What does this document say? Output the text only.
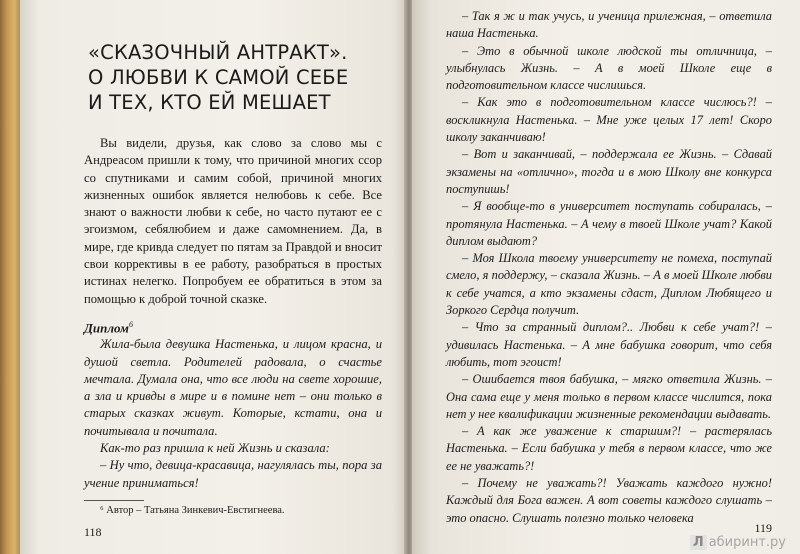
«СКАЗОЧНЫЙ АНТРАКТ».
О ЛЮБВИ К САМОЙ СЕБЕ
И ТЕХ, КТО ЕЙ МЕШАЕТ

Вы видели, друзья, как слово за слово мы с Андреасом пришли к тому, что причиной многих ссор со спутниками и самим собой, причиной многих жизненных ошибок является нелюбовь к себе. Все знают о важности любви к себе, но часто путают ее с эгоизмом, себялюбием и даже самомнением. Да, в мире, где кривда следует по пятам за Правдой и вносит свои коррективы в ее работу, разобраться в простых истинах нелегко. Попробуем ее обратиться в этом за помощью к доброй точной сказке.

Диплом$^6$

Жила-была девушка Настенька, и лицом красна, и душой светла. Родителей радовала, о счастье мечтала. Думала она, что все люди на свете хорошие, а зла и кривды в мире и в помине нет – они только в старых сказках живут. Которые, кстати, она и почитывала и почитала.

Как-то раз пришла к ней Жизнь и сказала:

– Ну что, девица-красавица, нагулялась ты, пора за учение приниматься!

⁶ Автор – Татьяна Зинкевич-Евстигнеева.

118

– Так я ж и так учусь, и ученица прилежная, – ответила наша Настенька.

– Это в обычной школе людской ты отличница, – улыбнулась Жизнь. – А в моей Школе еще в подготовительном классе числишься.

– Как это в подготовительном классе числюсь?! – воскликнула Настенька. – Мне уже целых 17 лет! Скоро школу заканчиваю!

– Вот и заканчивай, – поддержала ее Жизнь. – Сдавай экзамены на «отлично», тогда и в мою Школу вне конкурса поступишь!

– Я вообще-то в университет поступать собиралась, – протянула Настенька. – А чему в твоей Школе учат? Какой диплом выдают?

– Моя Школа твоему университету не помеха, поступай смело, я поддержу, – сказала Жизнь. – А в моей Школе любви к себе учатся, а кто экзамены сдаст, Диплом Любящего и Зоркого Сердца получит.

– Что за странный диплом?.. Любви к себе учат?! – удивилась Настенька. – А мне бабушка говорит, что себя любить, тот эгоист!

– Ошибается твоя бабушка, – мягко ответила Жизнь. – Она сама еще у меня только в первом классе числится, пока нет у нее квалификации жизненные рекомендации выдавать.

– А как же уважение к старшим?! – растерялась Настенька. – Если бабушка у тебя в первом классе, что же ее не уважать?!

– Почему не уважать?! Уважать каждого нужно! Каждый для Бога важен. А вот советы каждого слушать – это опасно. Слушать полезно только человека

119
Л абиринт.ру
